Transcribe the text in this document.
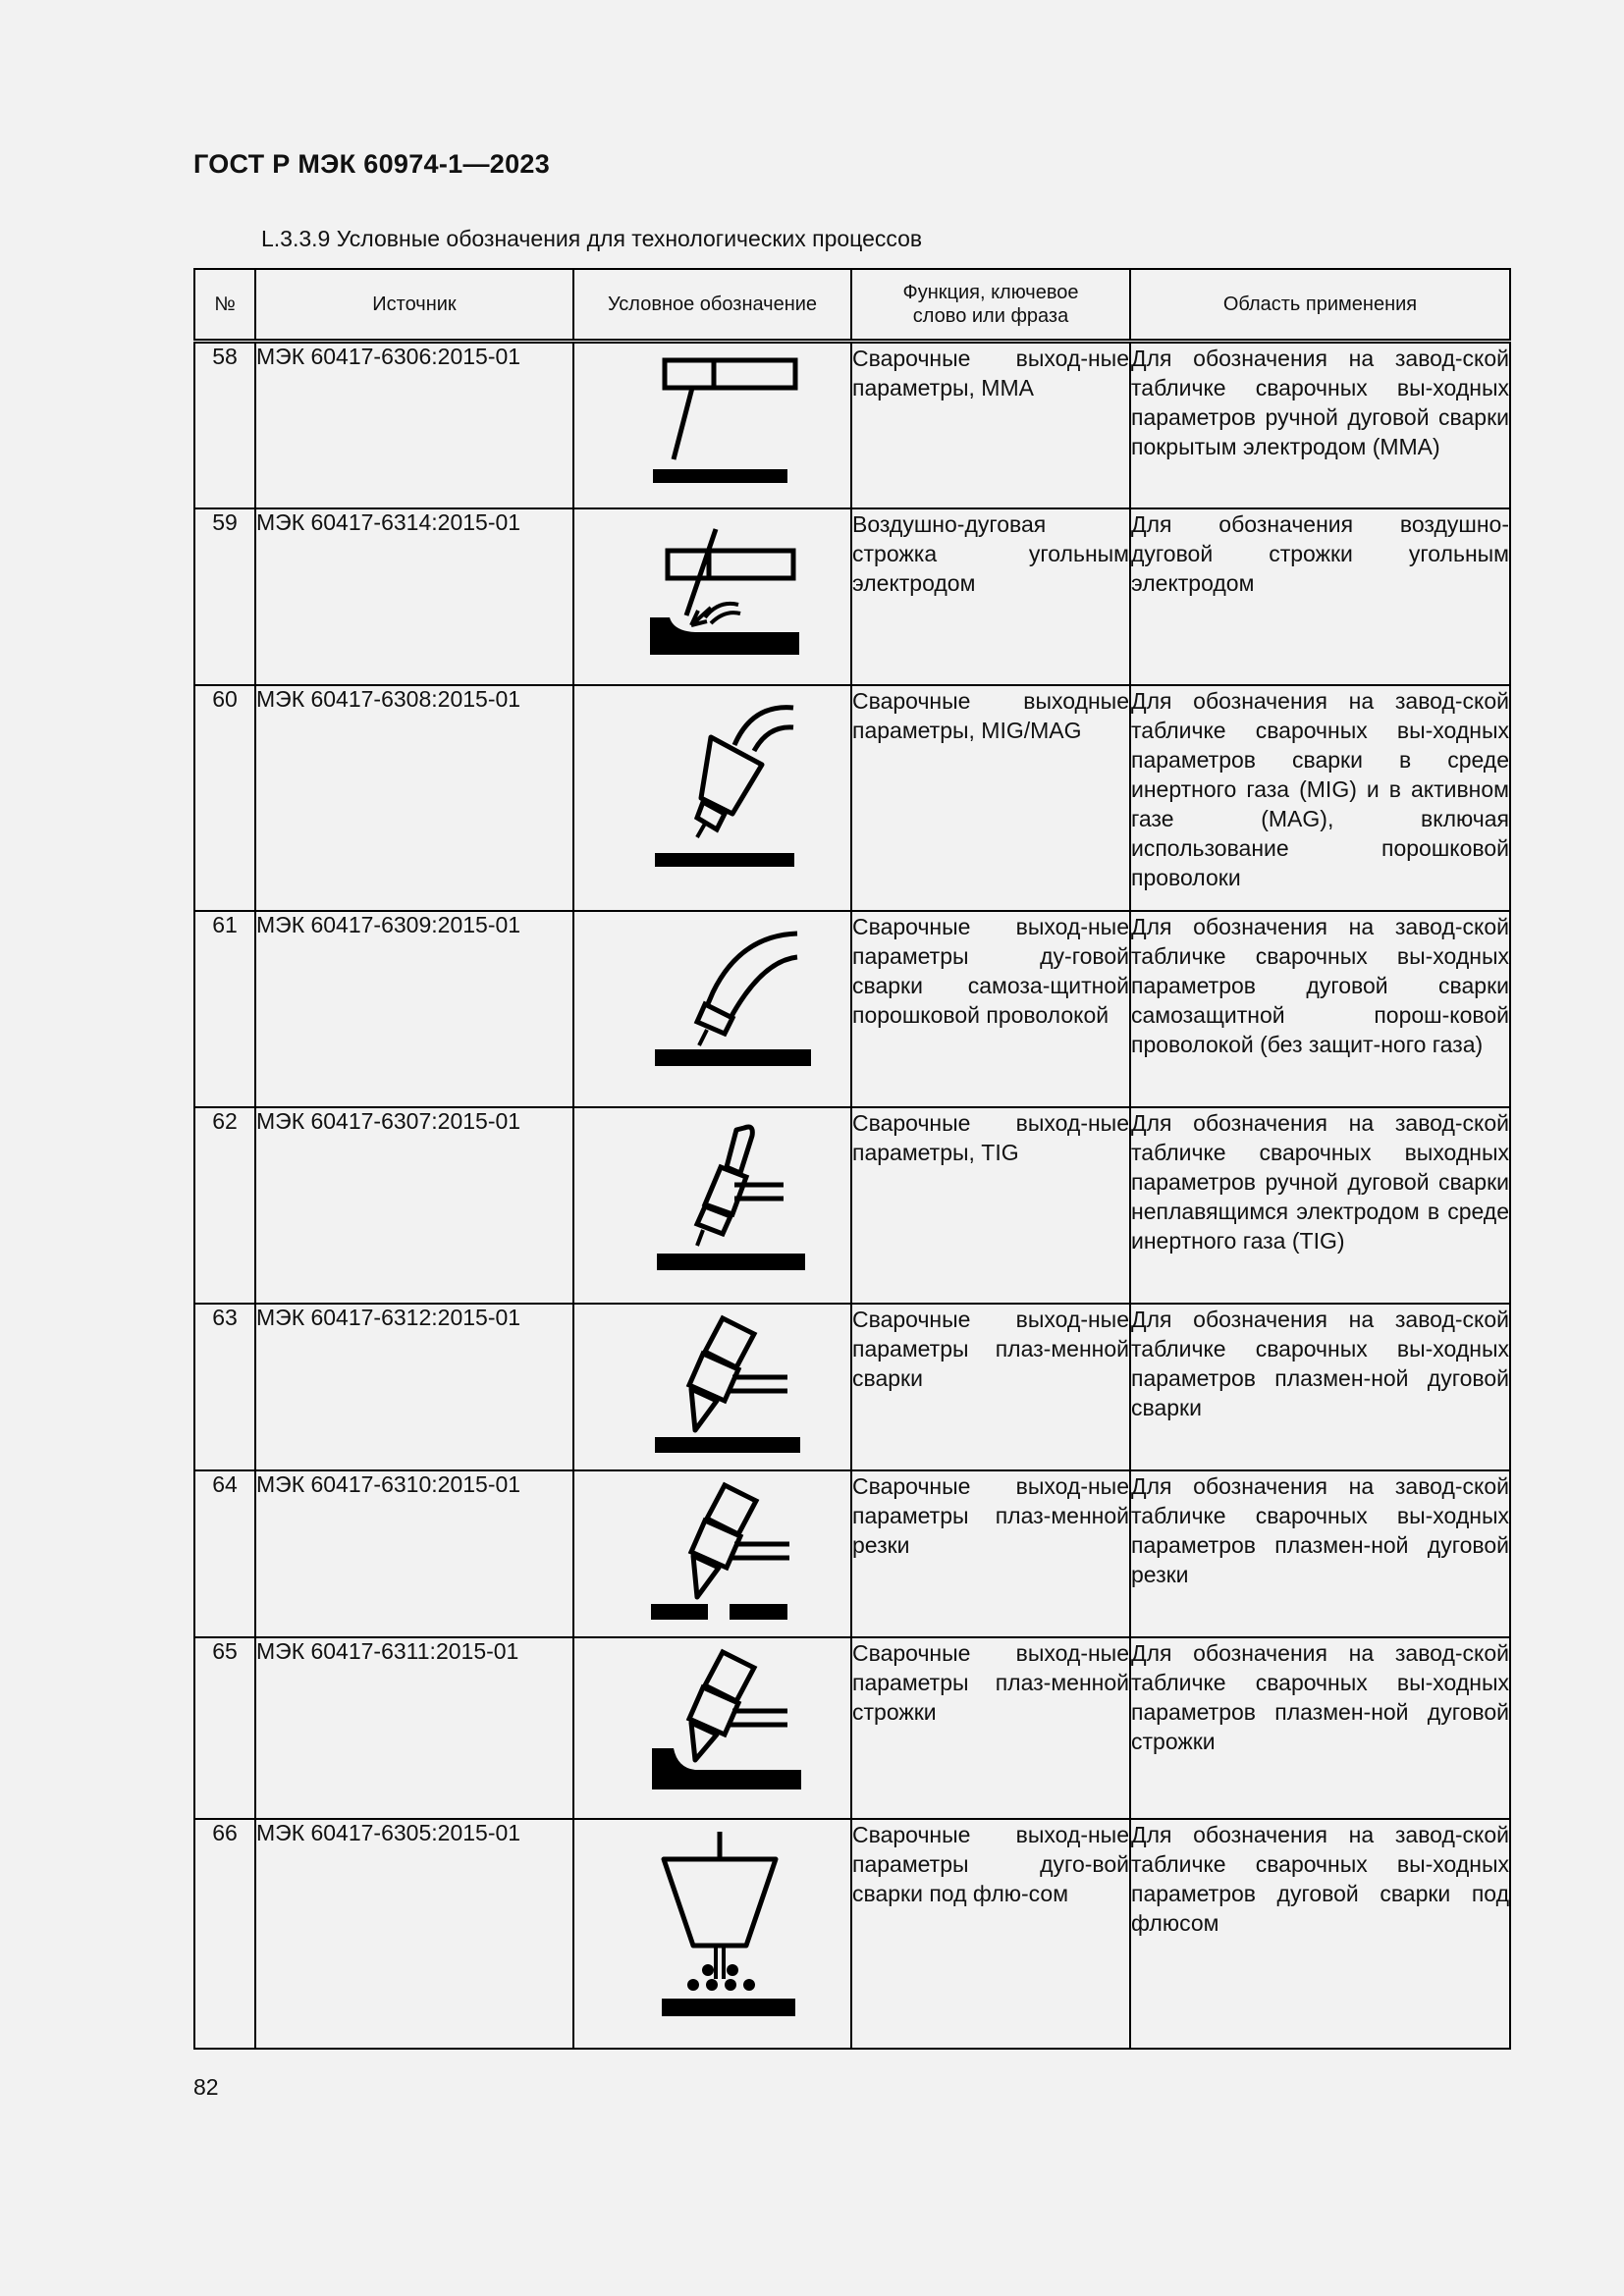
ГОСТ Р МЭК 60974-1—2023
L.3.3.9 Условные обозначения для технологических процессов
№	Источник	Условное обозначение	Функция, ключевое слово или фраза	Область применения
58	МЭК 60417-6306:2015-01		Сварочные выход-ные параметры, ММА	Для обозначения на завод-ской табличке сварочных вы-ходных параметров ручной дуговой сварки покрытым электродом (ММА)
59	МЭК 60417-6314:2015-01		Воздушно-дуговая строжка угольным электродом	Для обозначения воздушно-дуговой строжки угольным электродом
60	МЭК 60417-6308:2015-01		Сварочные выходные параметры, MIG/MAG	Для обозначения на завод-ской табличке сварочных вы-ходных параметров сварки в среде инертного газа (MIG) и в активном газе (MAG), включая использование порошковой проволоки
61	МЭК 60417-6309:2015-01		Сварочные выход-ные параметры ду-говой сварки самоза-щитной порошковой проволокой	Для обозначения на завод-ской табличке сварочных вы-ходных параметров дуговой сварки самозащитной порош-ковой проволокой (без защит-ного газа)
62	МЭК 60417-6307:2015-01		Сварочные выход-ные параметры, TIG	Для обозначения на завод-ской табличке сварочных выходных параметров ручной дуговой сварки неплавящимся электродом в среде инертного газа (TIG)
63	МЭК 60417-6312:2015-01		Сварочные выход-ные параметры плаз-менной сварки	Для обозначения на завод-ской табличке сварочных вы-ходных параметров плазмен-ной дуговой сварки
64	МЭК 60417-6310:2015-01		Сварочные выход-ные параметры плаз-менной резки	Для обозначения на завод-ской табличке сварочных вы-ходных параметров плазмен-ной дуговой резки
65	МЭК 60417-6311:2015-01		Сварочные выход-ные параметры плаз-менной строжки	Для обозначения на завод-ской табличке сварочных вы-ходных параметров плазмен-ной дуговой строжки
66	МЭК 60417-6305:2015-01		Сварочные выход-ные параметры дуго-вой сварки под флю-сом	Для обозначения на завод-ской табличке сварочных вы-ходных параметров дуговой сварки под флюсом
82
